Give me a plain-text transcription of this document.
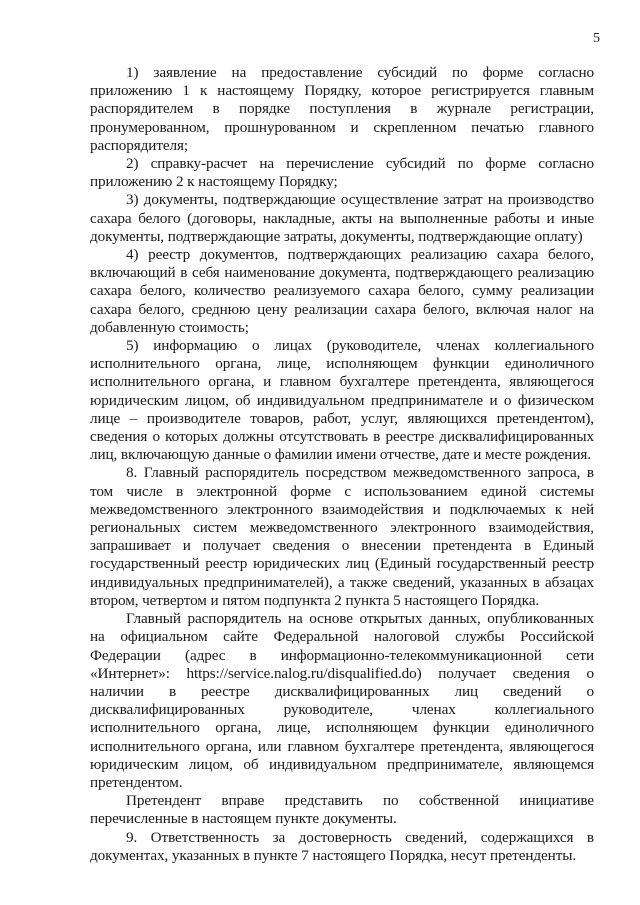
5

1) заявление на предоставление субсидий по форме согласно приложению 1 к настоящему Порядку, которое регистрируется главным распорядителем в порядке поступления в журнале регистрации, пронумерованном, прошнурованном и скрепленном печатью главного распорядителя;

2) справку-расчет на перечисление субсидий по форме согласно приложению 2 к настоящему Порядку;

3) документы, подтверждающие осуществление затрат на производство сахара белого (договоры, накладные, акты на выполненные работы и иные документы, подтверждающие затраты, документы, подтверждающие оплату)

4) реестр документов, подтверждающих реализацию сахара белого, включающий в себя наименование документа, подтверждающего реализацию сахара белого, количество реализуемого сахара белого, сумму реализации сахара белого, среднюю цену реализации сахара белого, включая налог на добавленную стоимость;

5) информацию о лицах (руководителе, членах коллегиального исполнительного органа, лице, исполняющем функции единоличного исполнительного органа, и главном бухгалтере претендента, являющегося юридическим лицом, об индивидуальном предпринимателе и о физическом лице – производителе товаров, работ, услуг, являющихся претендентом), сведения о которых должны отсутствовать в реестре дисквалифицированных лиц, включающую данные о фамилии имени отчестве, дате и месте рождения.

8. Главный распорядитель посредством межведомственного запроса, в том числе в электронной форме с использованием единой системы межведомственного электронного взаимодействия и подключаемых к ней региональных систем межведомственного электронного взаимодействия, запрашивает и получает сведения о внесении претендента в Единый государственный реестр юридических лиц (Единый государственный реестр индивидуальных предпринимателей), а также сведений, указанных в абзацах втором, четвертом и пятом подпункта 2 пункта 5 настоящего Порядка.

Главный распорядитель на основе открытых данных, опубликованных на официальном сайте Федеральной налоговой службы Российской Федерации (адрес в информационно-телекоммуникационной сети «Интернет»: https://service.nalog.ru/disqualified.do) получает сведения о наличии в реестре дисквалифицированных лиц сведений о дисквалифицированных руководителе, членах коллегиального исполнительного органа, лице, исполняющем функции единоличного исполнительного органа, или главном бухгалтере претендента, являющегося юридическим лицом, об индивидуальном предпринимателе, являющемся претендентом.

Претендент вправе представить по собственной инициативе перечисленные в настоящем пункте документы.

9. Ответственность за достоверность сведений, содержащихся в документах, указанных в пункте 7 настоящего Порядка, несут претенденты.
